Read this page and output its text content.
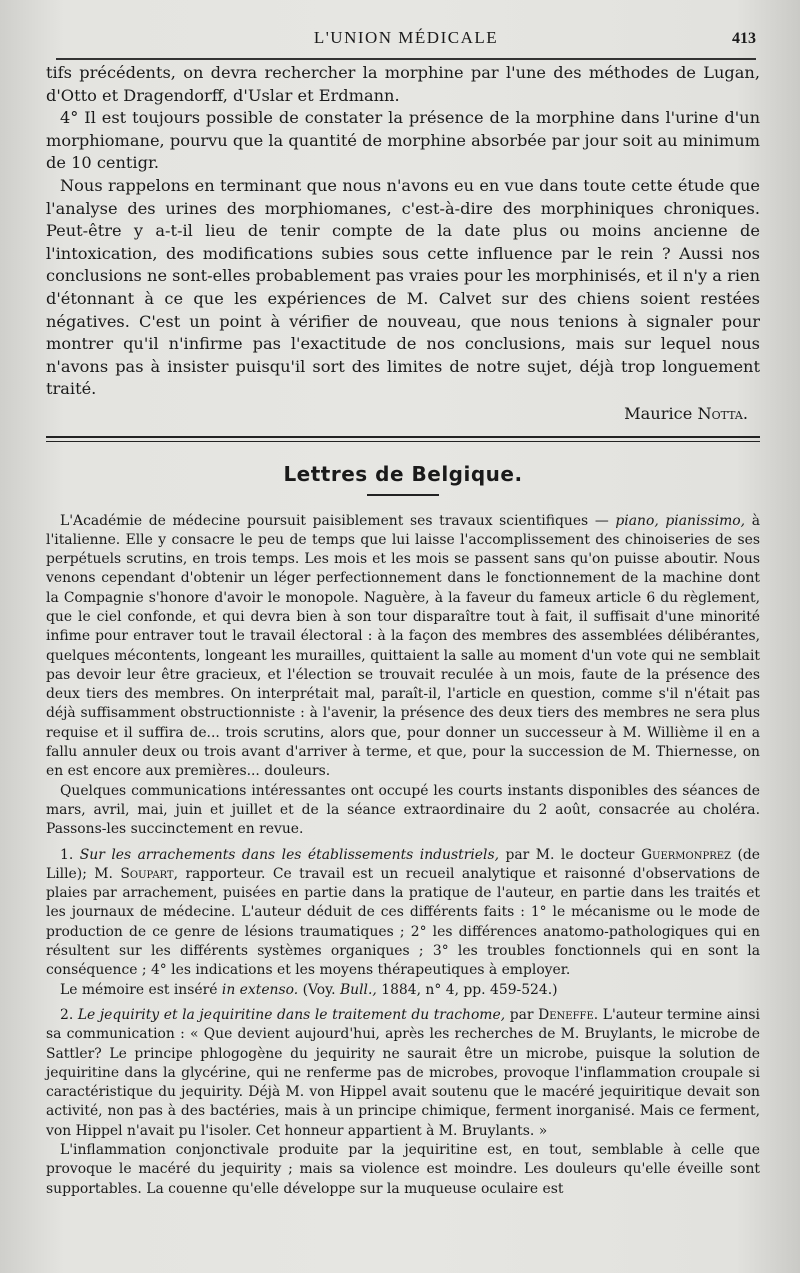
L'UNION MÉDICALE	413

tifs précédents, on devra rechercher la morphine par l'une des méthodes de Lugan, d'Otto et Dragendorff, d'Uslar et Erdmann.

4° Il est toujours possible de constater la présence de la morphine dans l'urine d'un morphiomane, pourvu que la quantité de morphine absorbée par jour soit au minimum de 10 centigr.

Nous rappelons en terminant que nous n'avons eu en vue dans toute cette étude que l'analyse des urines des morphiomanes, c'est-à-dire des morphiniques chroniques. Peut-être y a-t-il lieu de tenir compte de la date plus ou moins ancienne de l'intoxication, des modifications subies sous cette influence par le rein ? Aussi nos conclusions ne sont-elles probablement pas vraies pour les morphinisés, et il n'y a rien d'étonnant à ce que les expériences de M. Calvet sur des chiens soient restées négatives. C'est un point à vérifier de nouveau, que nous tenions à signaler pour montrer qu'il n'infirme pas l'exactitude de nos conclusions, mais sur lequel nous n'avons pas à insister puisqu'il sort des limites de notre sujet, déjà trop longuement traité.

Maurice Notta.
Lettres de Belgique.

L'Académie de médecine poursuit paisiblement ses travaux scientifiques — piano, pianissimo, à l'italienne. Elle y consacre le peu de temps que lui laisse l'accomplissement des chinoiseries de ses perpétuels scrutins, en trois temps. Les mois et les mois se passent sans qu'on puisse aboutir. Nous venons cependant d'obtenir un léger perfectionnement dans le fonctionnement de la machine dont la Compagnie s'honore d'avoir le monopole. Naguère, à la faveur du fameux article 6 du règlement, que le ciel confonde, et qui devra bien à son tour disparaître tout à fait, il suffisait d'une minorité infime pour entraver tout le travail électoral : à la façon des membres des assemblées délibérantes, quelques mécontents, longeant les murailles, quittaient la salle au moment d'un vote qui ne semblait pas devoir leur être gracieux, et l'élection se trouvait reculée à un mois, faute de la présence des deux tiers des membres. On interprétait mal, paraît-il, l'article en question, comme s'il n'était pas déjà suffisamment obstructionniste : à l'avenir, la présence des deux tiers des membres ne sera plus requise et il suffira de... trois scrutins, alors que, pour donner un successeur à M. Willième il en a fallu annuler deux ou trois avant d'arriver à terme, et que, pour la succession de M. Thiernesse, on en est encore aux premières... douleurs.

Quelques communications intéressantes ont occupé les courts instants disponibles des séances de mars, avril, mai, juin et juillet et de la séance extraordinaire du 2 août, consacrée au choléra. Passons-les succinctement en revue.

1. Sur les arrachements dans les établissements industriels, par M. le docteur Guermonprez (de Lille); M. Soupart, rapporteur. Ce travail est un recueil analytique et raisonné d'observations de plaies par arrachement, puisées en partie dans la pratique de l'auteur, en partie dans les traités et les journaux de médecine. L'auteur déduit de ces différents faits : 1° le mécanisme ou le mode de production de ce genre de lésions traumatiques ; 2° les différences anatomo-pathologiques qui en résultent sur les différents systèmes organiques ; 3° les troubles fonctionnels qui en sont la conséquence ; 4° les indications et les moyens thérapeutiques à employer.

Le mémoire est inséré in extenso. (Voy. Bull., 1884, n° 4, pp. 459-524.)

2. Le jequirity et la jequiritine dans le traitement du trachome, par Deneffe. L'auteur termine ainsi sa communication : « Que devient aujourd'hui, après les recherches de M. Bruylants, le microbe de Sattler? Le principe phlogogène du jequirity ne saurait être un microbe, puisque la solution de jequiritine dans la glycérine, qui ne renferme pas de microbes, provoque l'inflammation croupale si caractéristique du jequirity. Déjà M. von Hippel avait soutenu que le macéré jequiritique devait son activité, non pas à des bactéries, mais à un principe chimique, ferment inorganisé. Mais ce ferment, von Hippel n'avait pu l'isoler. Cet honneur appartient à M. Bruylants. »

L'inflammation conjonctivale produite par la jequiritine est, en tout, semblable à celle que provoque le macéré du jequirity ; mais sa violence est moindre. Les douleurs qu'elle éveille sont supportables. La couenne qu'elle développe sur la muqueuse oculaire est
